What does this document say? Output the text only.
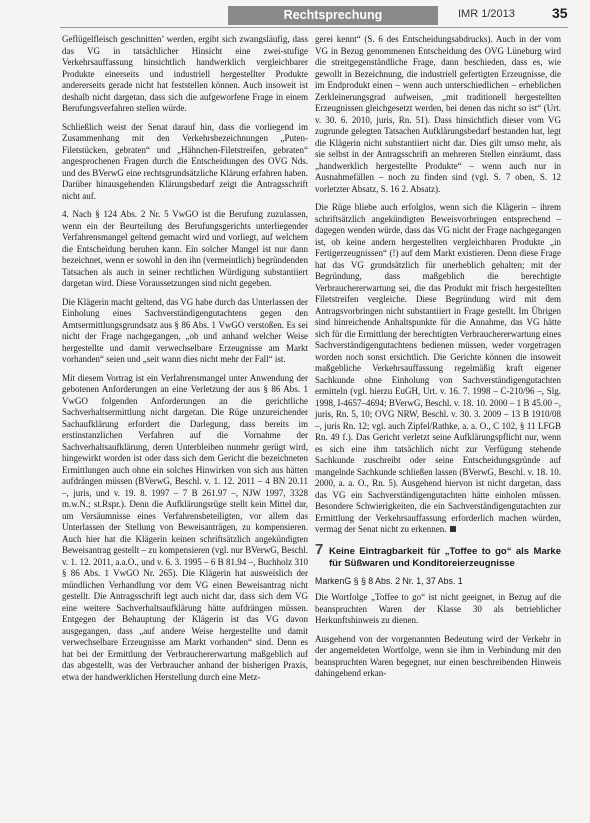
Rechtsprechung	IMR 1/2013	35

Geflügelfleisch geschnitten’ werden, ergibt sich zwangsläufig, dass das VG in tatsächlicher Hinsicht eine zwei-stufige Verkehrsauffassung hinsichtlich handwerklich vergleichbarer Produkte einerseits und industriell hergestellter Produkte andererseits gerade nicht hat feststellen können. Auch insoweit ist deshalb nicht dargetan, dass sich die aufgeworfene Frage in einem Berufungsverfahren stellen würde.

Schließlich weist der Senat darauf hin, dass die vorliegend im Zusammenhang mit den Verkehrsbezeichnungen „Puten-Filetstücken, gebraten“ und „Hähnchen-Filetstreifen, gebraten“ angesprochenen Fragen durch die Entscheidungen des OVG Nds. und des BVerwG eine rechtsgrundsätzliche Klärung erfahren haben. Darüber hinausgehenden Klärungsbedarf zeigt die Antragsschrift nicht auf.

4. Nach § 124 Abs. 2 Nr. 5 VwGO ist die Berufung zuzulassen, wenn ein der Beurteilung des Berufungsgerichts unterliegender Verfahrensmangel geltend gemacht wird und vorliegt, auf welchem die Entscheidung beruhen kann. Ein solcher Mangel ist nur dann bezeichnet, wenn er sowohl in den ihn (vermeintlich) begründenden Tatsachen als auch in seiner rechtlichen Würdigung substantiiert dargetan wird. Diese Voraussetzungen sind nicht gegeben.

Die Klägerin macht geltend, das VG habe durch das Unterlassen der Einholung eines Sachverständigengutachtens gegen den Amtsermittlungsgrundsatz aus § 86 Abs. 1 VwGO verstoßen. Es sei nicht der Frage nachgegangen, „ob und anhand welcher Weise hergestellte und damit verwechselbare Erzeugnisse am Markt vorhanden“ seien und „seit wann dies nicht mehr der Fall“ ist.

Mit diesem Vortrag ist ein Verfahrensmangel unter Anwendung der gebotenen Anforderungen an eine Verletzung der aus § 86 Abs. 1 VwGO folgenden Anforderungen an die gerichtliche Sachverhaltsermittlung nicht dargetan. Die Rüge unzureichender Sachaufklärung erfordert die Darlegung, dass bereits im erstinstanzlichen Verfahren auf die Vornahme der Sachverhaltsaufklärung, deren Unterbleiben nunmehr gerügt wird, hingewirkt worden ist oder dass sich dem Gericht die bezeichneten Ermittlungen auch ohne ein solches Hinwirken von sich aus hätten aufdrängen müssen (BVerwG, Beschl. v. 1. 12. 2011 – 4 BN 20.11 –, juris, und v. 19. 8. 1997 – 7 B 261.97 –, NJW 1997, 3328 m.w.N.; st.Rspr.). Denn die Aufklärungsrüge stellt kein Mittel dar, um Versäumnisse eines Verfahrensbeteiligten, vor allem das Unterlassen der Stellung von Beweisanträgen, zu kompensieren. Auch hier hat die Klägerin keinen schriftsätzlich angekündigten Beweisantrag gestellt – zu kompensieren (vgl. nur BVerwG, Beschl. v. 1. 12. 2011, a.a.O., und v. 6. 3. 1995 – 6 B 81.94 –, Buchholz 310 § 86 Abs. 1 VwGO Nr. 265). Die Klägerin hat ausweislich der mündlichen Verhandlung vor dem VG einen Beweisantrag nicht gestellt. Die Antragsschrift legt auch nicht dar, dass sich dem VG eine weitere Sachverhaltsaufklärung hätte aufdrängen müssen. Entgegen der Behauptung der Klägerin ist das VG davon ausgegangen, dass „auf andere Weise hergestellte und damit verwechselbare Erzeugnisse am Markt vorhanden“ sind. Denn es hat bei der Ermittlung der Verbrauchererwartung maßgeblich auf das abgestellt, was der Verbraucher anhand der bisherigen Praxis, etwa der handwerklichen Herstellung durch eine Metz-

gerei kennt“ (S. 6 des Entscheidungsabdrucks). Auch in der vom VG in Bezug genommenen Entscheidung des OVG Lüneburg wird die streitgegenständliche Frage, dann beschieden, dass es, wie gewollt in Bezeichnung, die industriell gefertigten Erzeugnisse, die im Endprodukt einen – wenn auch unterschiedlichen – erheblichen Zerkleinerungsgrad aufweisen, „mit traditionell hergestellten Erzeugnissen gleichgesetzt werden, bei denen das nicht so ist“ (Urt. v. 30. 6. 2010, juris, Rn. 51). Dass hinsichtlich dieser vom VG zugrunde gelegten Tatsachen Aufklärungsbedarf bestanden hat, legt die Klägerin nicht substantiiert nicht dar. Dies gilt umso mehr, als sie selbst in der Antragsschrift an mehreren Stellen einräumt, dass „handwerklich hergestellte Produkte“ – wenn auch nur in Ausnahmefällen – noch zu finden sind (vgl. S. 7 oben, S. 12 vorletzter Absatz, S. 16 2. Absatz).

Die Rüge bliebe auch erfolglos, wenn sich die Klägerin – ihrem schriftsätzlich angekündigten Beweisvorbringen entsprechend – dagegen wenden würde, dass das VG nicht der Frage nachgegangen ist, ob keine andern hergestellten vergleichbaren Produkte „in Fertigerzeugnissen“ (!) auf dem Markt existieren. Denn diese Frage hat das VG grundsätzlich für unerheblich gehalten; mit der Begründung, dass maßgeblich die berechtigte Verbrauchererwartung sei, die das Produkt mit frisch hergestellten Filetstreifen vergleiche. Diese Begründung wird mit dem Antragsvorbringen nicht substantiiert in Frage gestellt. Im Übrigen sind hinreichende Anhaltspunkte für die Annahme, das VG hätte sich für die Ermittlung der berechtigten Verbrauchererwartung eines Sachverständigengutachtens bedienen müssen, weder vorgetragen worden noch sonst ersichtlich. Die Gerichte können die insoweit maßgebliche Verkehrsauffassung regelmäßig kraft eigener Sachkunde ohne Einholung von Sachverständigengutachten ermitteln (vgl. hierzu EuGH, Urt. v. 16. 7. 1998 – C-210/96 –, Slg. 1998, I-4657–4694; BVerwG, Beschl. v. 18. 10. 2000 – 1 B 45.00 –, juris, Rn. 5, 10; OVG NRW, Beschl. v. 30. 3. 2009 – 13 B 1910/08 –, juris Rn. 12; vgl. auch Zipfel/Rathke, a. a. O., C 102, § 11 LFGB Rn. 49 f.). Das Gericht verletzt seine Aufklärungspflicht nur, wenn es sich eine ihm tatsächlich nicht zur Verfügung stehende Sachkunde zuschreibt oder seine Entscheidungsgründe auf mangelnde Sachkunde schließen lassen (BVerwG, Beschl. v. 18. 10. 2000, a. a. O., Rn. 5). Ausgehend hiervon ist nicht dargetan, dass das VG ein Sachverständigengutachten hätte einholen müssen. Besondere Schwierigkeiten, die ein Sachverständigengutachten zur Ermittlung der Verkehrsauffassung erforderlich machen würden, vermag der Senat nicht zu erkennen.

7 Keine Eintragbarkeit für „Toffee to go“ als Marke für Süßwaren und Konditoreierzeugnisse
MarkenG § § 8 Abs. 2 Nr. 1, 37 Abs. 1

Die Wortfolge „Toffee to go“ ist nicht geeignet, in Bezug auf die beanspruchten Waren der Klasse 30 als betrieblicher Herkunftshinweis zu dienen.

Ausgehend von der vorgenannten Bedeutung wird der Verkehr in der angemeldeten Wortfolge, wenn sie ihm in Verbindung mit den beanspruchten Waren begegnet, nur einen beschreibenden Hinweis dahingehend erkan-
